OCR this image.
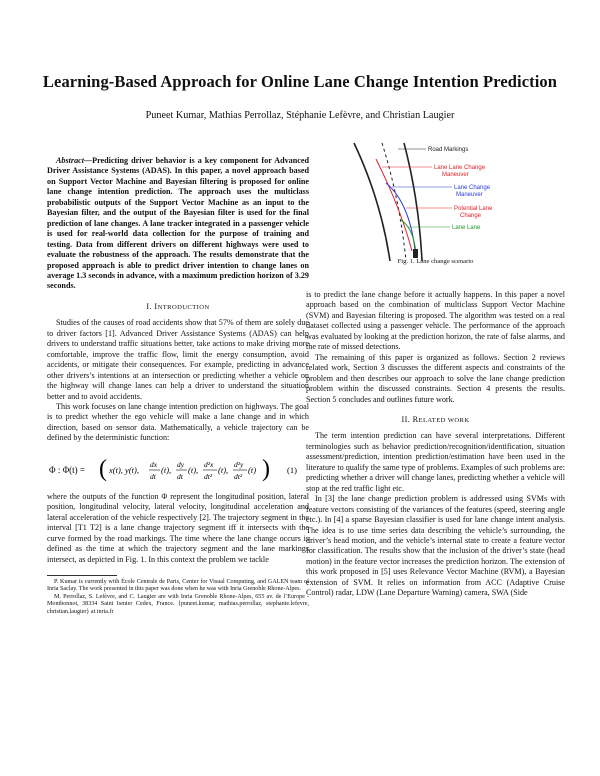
Learning-Based Approach for Online Lane Change Intention Prediction
Puneet Kumar, Mathias Perrollaz, Stéphanie Lefèvre, and Christian Laugier
Road Markings
Lane Lane Change
Maneuver
Lane Change
Maneuver
Potential Lane
Change
Lane Lane
Fig. 1. Lane change scenario

Abstract—Predicting driver behavior is a key component for Advanced Driver Assistance Systems (ADAS). In this paper, a novel approach based on Support Vector Machine and Bayesian filtering is proposed for online lane change intention prediction. The approach uses the multiclass probabilistic outputs of the Support Vector Machine as an input to the Bayesian filter, and the output of the Bayesian filter is used for the final prediction of lane changes. A lane tracker integrated in a passenger vehicle is used for real-world data collection for the purpose of training and testing. Data from different drivers on different highways were used to evaluate the robustness of the approach. The results demonstrate that the proposed approach is able to predict driver intention to change lanes on average 1.3 seconds in advance, with a maximum prediction horizon of 3.29 seconds.

I. INTRODUCTION

Studies of the causes of road accidents show that 57% of them are solely due to driver factors [1]. Advanced Driver Assistance Systems (ADAS) can help drivers to understand traffic situations better, take actions to make driving more comfortable, improve the traffic flow, limit the energy consumption, avoid accidents, or mitigate their consequences. For example, predicting in advance other drivers’s intentions at an intersection or predicting whether a vehicle on the highway will change lanes can help a driver to understand the situation better and to avoid accidents.

This work focuses on lane change intention prediction on highways. The goal is to predict whether the ego vehicle will make a lane change and in which direction, based on sensor data. Mathematically, a vehicle trajectory can be defined by the deterministic function:

Φ : Φ(t) = ( x(t), y(t),
dx
dt
(t),
dy
dt
(t),
d²x
dt²
(t),
d²y
dt²
(t) ) (1)

where the outputs of the function Φ represent the longitudinal position, lateral position, longitudinal velocity, lateral velocity, longitudinal acceleration and lateral acceleration of the vehicle respectively [2]. The trajectory segment in the interval [T1 T2] is a lane change trajectory segment iff it intersects with the curve formed by the road markings. The time where the lane change occurs is defined as the time at which the trajectory segment and the lane markings intersect, as depicted in Fig. 1. In this context the problem we tackle

P. Kumar is currently with École Centrale de Paris, Center for Visual Computing, and GALEN team of Inria Saclay. The work presented in this paper was done when he was with Inria Grenoble Rhone-Alpes.

M. Perrollaz, S. Lefèvre, and C. Laugier are with Inria Grenoble Rhone-Alpes, 655 av. de l’Europe - Montbonnot, 38334 Saint Ismier Cedex, France. {puneet.kumar, mathias.perrollaz, stephanie.lefevre, christian.laugier} at inria.fr

is to predict the lane change before it actually happens. In this paper a novel approach based on the combination of multiclass Support Vector Machine (SVM) and Bayesian filtering is proposed. The algorithm was tested on a real dataset collected using a passenger vehicle. The performance of the approach was evaluated by looking at the prediction horizon, the rate of false alarms, and the rate of missed detections.

The remaining of this paper is organized as follows. Section 2 reviews related work, Section 3 discusses the different aspects and constraints of the problem and then describes our approach to solve the lane change prediction problem within the discussed constraints. Section 4 presents the results. Section 5 concludes and outlines future work.

II. RELATED WORK

The term intention prediction can have several interpretations. Different terminologies such as behavior prediction/recognition/identification, situation assessment/prediction, intention prediction/estimation have been used in the literature to qualify the same type of problems. Examples of such problems are: predicting whether a driver will change lanes, predicting whether a vehicle will stop at the red traffic light etc.

In [3] the lane change prediction problem is addressed using SVMs with feature vectors consisting of the variances of the features (speed, steering angle etc.). In [4] a sparse Bayesian classifier is used for lane change intent analysis. The idea is to use time series data describing the vehicle’s surrounding, the driver’s head motion, and the vehicle’s internal state to create a feature vector for classification. The results show that the inclusion of the driver’s state (head motion) in the feature vector increases the prediction horizon. The extension of this work proposed in [5] uses Relevance Vector Machine (RVM), a Bayesian extension of SVM. It relies on information from ACC (Adaptive Cruise Control) radar, LDW (Lane Departure Warning) camera, SWA (Side
